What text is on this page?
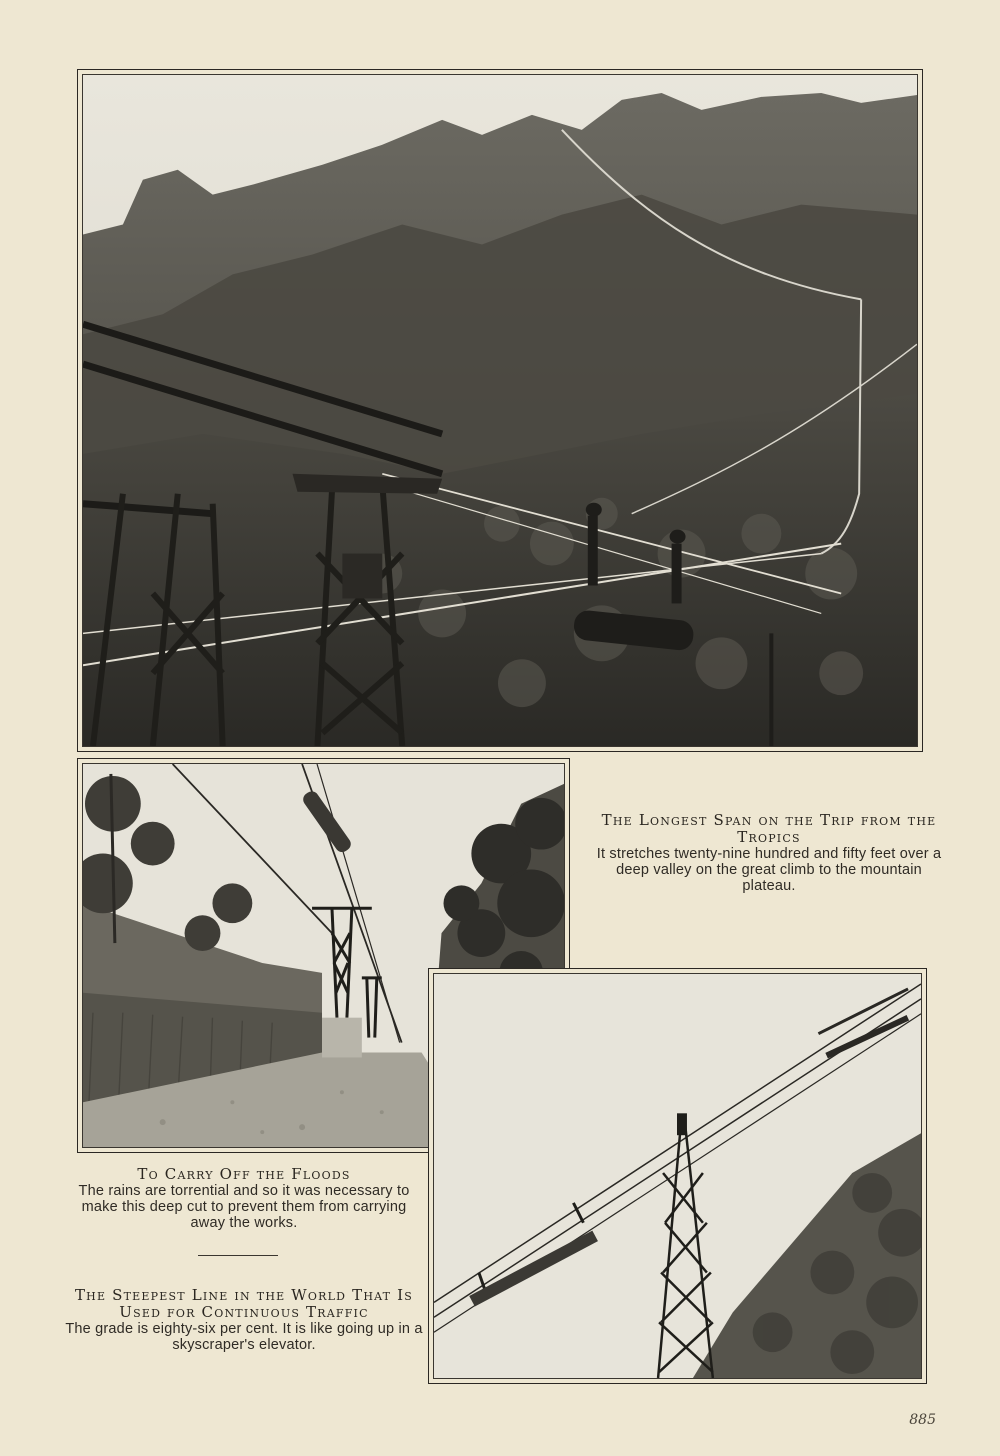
The Longest Span on the Trip from the Tropics
It stretches twenty-nine hundred and fifty feet over a deep valley on the great climb to the mountain plateau.
To Carry Off the Floods
The rains are torrential and so it was necessary to make this deep cut to prevent them from carrying away the works.
The Steepest Line in the World That Is Used for Continuous Traffic
The grade is eighty-six per cent. It is like going up in a skyscraper's elevator.
885
